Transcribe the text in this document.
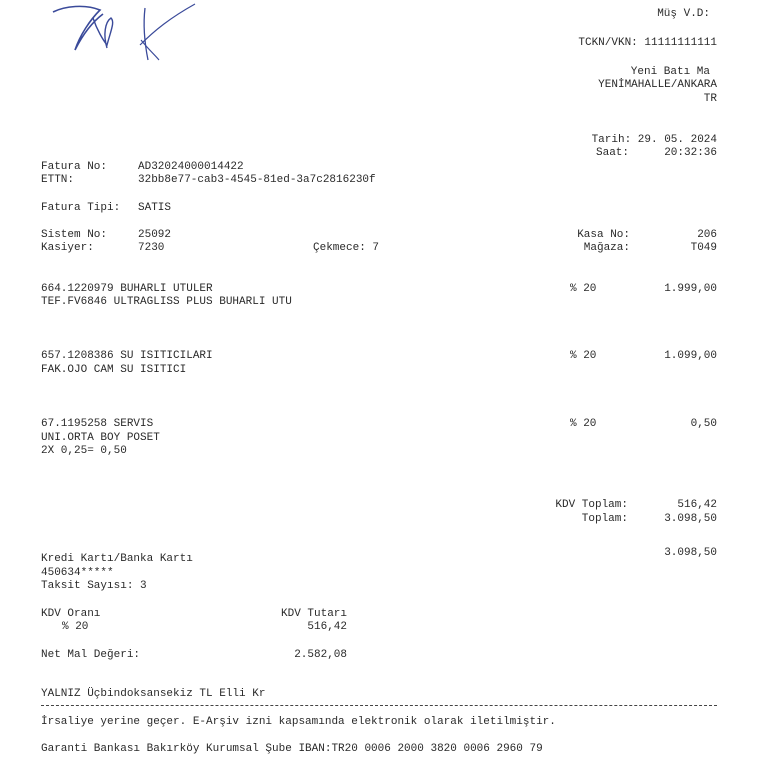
Müş V.D:
TCKN/VKN: 11111111111
Yeni Batı Ma
YENİMAHALLE/ANKARA
TR
Tarih: 29. 05. 2024
Saat:	20:32:36
Fatura No:	AD32024000014422
ETTN:	32bb8e77-cab3-4545-81ed-3a7c2816230f
Fatura Tipi: SATIS
Sistem No:	25092
Kasiyer:	7230	Çekmece: 7
Kasa No:	206
Mağaza:	T049
664.1220979 BUHARLI UTULER
TEF.FV6846 ULTRAGLISS PLUS BUHARLI UTU
% 20	1.999,00
657.1208386 SU ISITICILARI
FAK.OJO CAM SU ISITICI
% 20	1.099,00
67.1195258 SERVIS
UNI.ORTA BOY POSET
2X 0,25= 0,50
% 20	0,50
KDV Toplam:	516,42
Toplam:	3.098,50
Kredi Kartı/Banka Kartı
450634*****
Taksit Sayısı: 3
3.098,50
KDV Oranı	KDV Tutarı
% 20	516,42
Net Mal Değeri:	2.582,08
YALNIZ Üçbindoksansekiz TL Elli Kr
İrsaliye yerine geçer. E-Arşiv izni kapsamında elektronik olarak iletilmiştir.
Garanti Bankası Bakırköy Kurumsal Şube IBAN:TR20 0006 2000 3820 0006 2960 79
